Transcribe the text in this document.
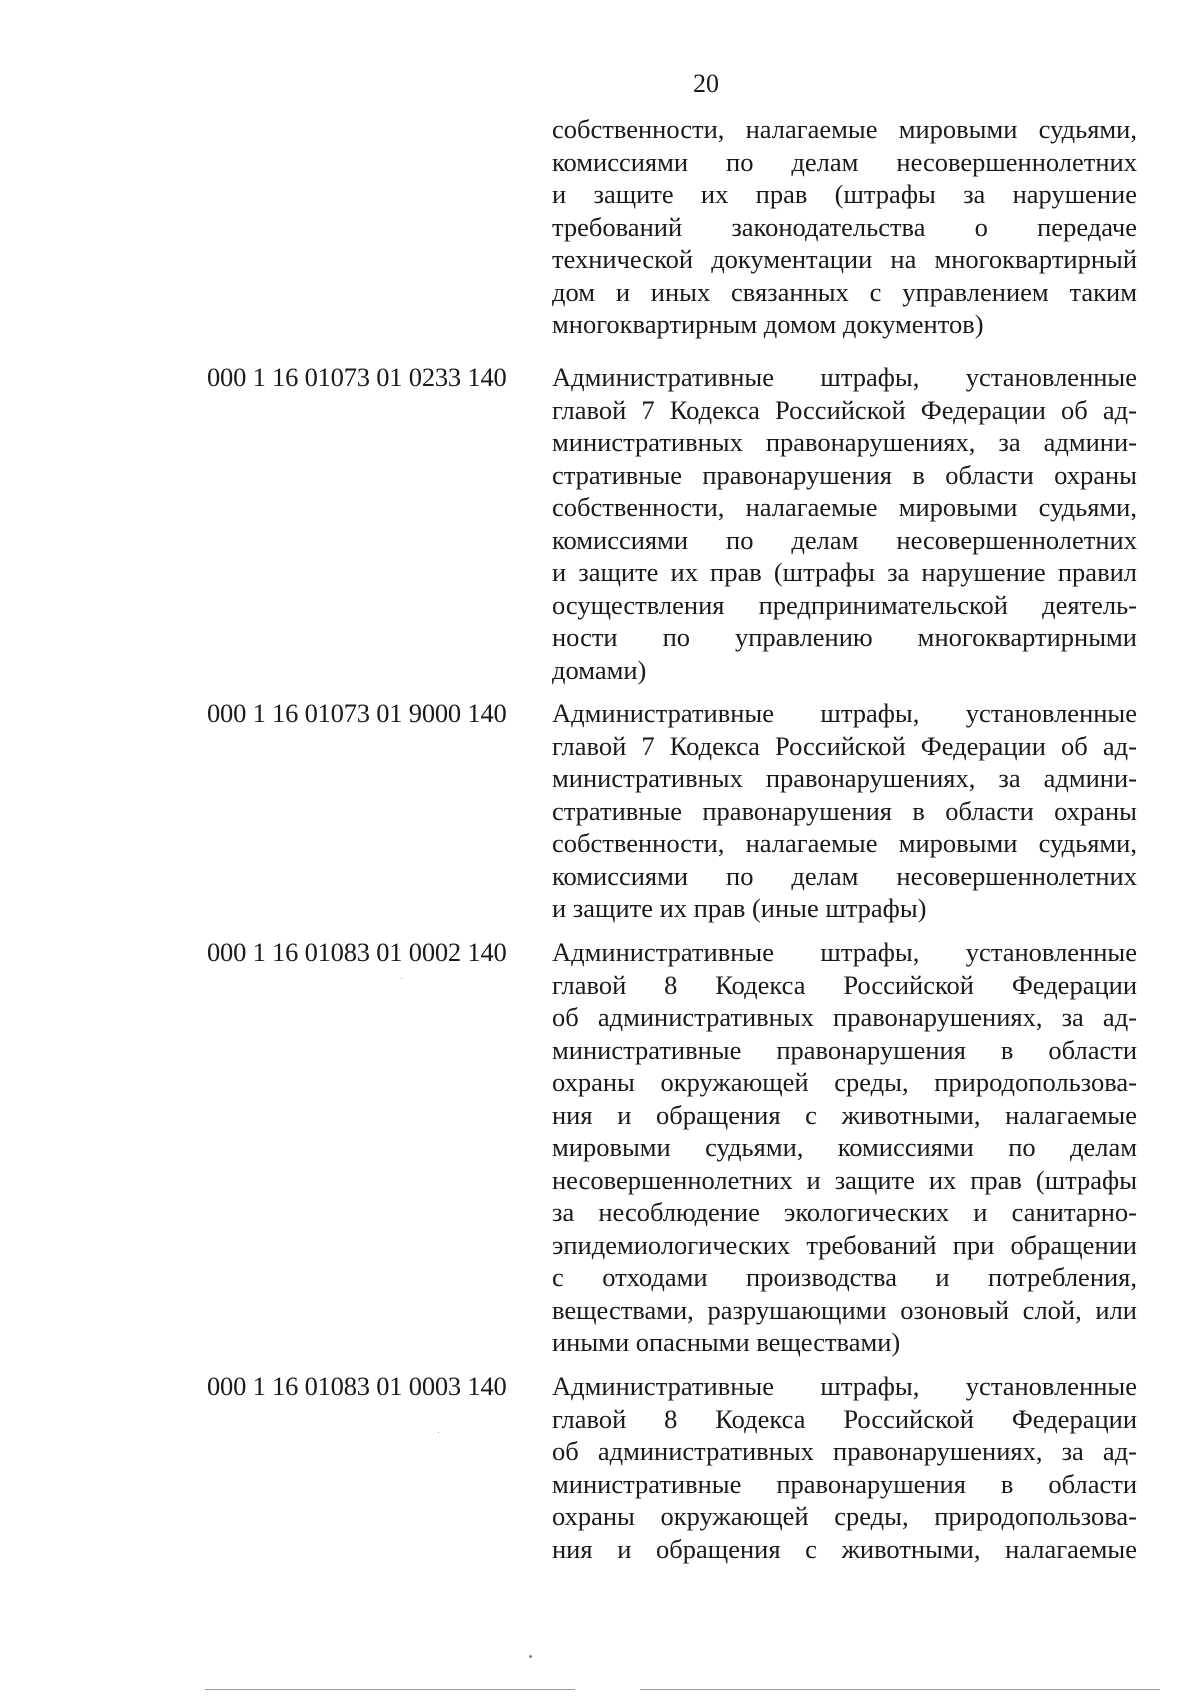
20
собственности, налагаемые мировыми судьями,
комиссиями по делам несовершеннолетних
и защите их прав (штрафы за нарушение
требований законодательства о передаче
технической документации на многоквартирный
дом и иных связанных с управлением таким
многоквартирным домом документов)
000 1 16 01073 01 0233 140 Административные штрафы, установленные
главой 7 Кодекса Российской Федерации об ад-
министративных правонарушениях, за админи-
стративные правонарушения в области охраны
собственности, налагаемые мировыми судьями,
комиссиями по делам несовершеннолетних
и защите их прав (штрафы за нарушение правил
осуществления предпринимательской деятель-
ности по управлению многоквартирными
домами)
000 1 16 01073 01 9000 140 Административные штрафы, установленные
главой 7 Кодекса Российской Федерации об ад-
министративных правонарушениях, за админи-
стративные правонарушения в области охраны
собственности, налагаемые мировыми судьями,
комиссиями по делам несовершеннолетних
и защите их прав (иные штрафы)
000 1 16 01083 01 0002 140 Административные штрафы, установленные
главой 8 Кодекса Российской Федерации
об административных правонарушениях, за ад-
министративные правонарушения в области
охраны окружающей среды, природопользова-
ния и обращения с животными, налагаемые
мировыми судьями, комиссиями по делам
несовершеннолетних и защите их прав (штрафы
за несоблюдение экологических и санитарно-
эпидемиологических требований при обращении
с отходами производства и потребления,
веществами, разрушающими озоновый слой, или
иными опасными веществами)
000 1 16 01083 01 0003 140 Административные штрафы, установленные
главой 8 Кодекса Российской Федерации
об административных правонарушениях, за ад-
министративные правонарушения в области
охраны окружающей среды, природопользова-
ния и обращения с животными, налагаемые
